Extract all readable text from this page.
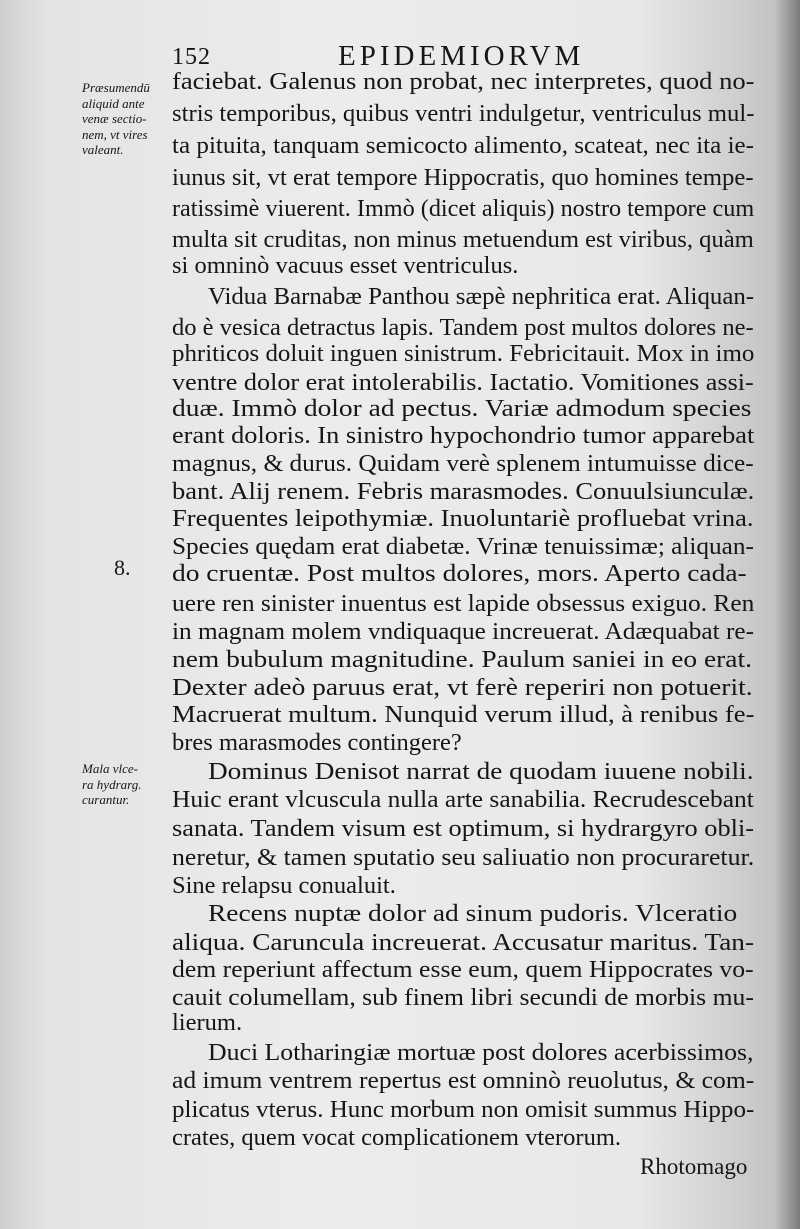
152	EPIDEMIORVM
Præsumendū
aliquid ante
venæ sectio-
nem, vt vires
valeant.
Mala vlce-
ra hydrarg.
curantur.
8.
faciebat. Galenus non probat, nec interpretes, quod no-
stris temporibus, quibus ventri indulgetur, ventriculus mul-
ta pituita, tanquam semicocto alimento, scateat, nec ita ie-
iunus sit, vt erat tempore Hippocratis, quo homines tempe-
ratissimè viuerent. Immò (dicet aliquis) nostro tempore cum
multa sit cruditas, non minus metuendum est viribus, quàm
si omninò vacuus esset ventriculus.
Vidua Barnabæ Panthou sæpè nephritica erat. Aliquan-
do è vesica detractus lapis. Tandem post multos dolores ne-
phriticos doluit inguen sinistrum. Febricitauit. Mox in imo
ventre dolor erat intolerabilis. Iactatio. Vomitiones assi-
duæ. Immò dolor ad pectus. Variæ admodum species
erant doloris. In sinistro hypochondrio tumor apparebat
magnus, & durus. Quidam verè splenem intumuisse dice-
bant. Alij renem. Febris marasmodes. Conuulsiunculæ.
Frequentes leipothymiæ. Inuoluntariè profluebat vrina.
Species quędam erat diabetæ. Vrinæ tenuissimæ; aliquan-
do cruentæ. Post multos dolores, mors. Aperto cada-
uere ren sinister inuentus est lapide obsessus exiguo. Ren
in magnam molem vndiquaque increuerat. Adæquabat re-
nem bubulum magnitudine. Paulum saniei in eo erat.
Dexter adeò paruus erat, vt ferè reperiri non potuerit.
Macruerat multum. Nunquid verum illud, à renibus fe-
bres marasmodes contingere?
Dominus Denisot narrat de quodam iuuene nobili.
Huic erant vlcuscula nulla arte sanabilia. Recrudescebant
sanata. Tandem visum est optimum, si hydrargyro obli-
neretur, & tamen sputatio seu saliuatio non procuraretur.
Sine relapsu conualuit.
Recens nuptæ dolor ad sinum pudoris. Vlceratio
aliqua. Caruncula increuerat. Accusatur maritus. Tan-
dem reperiunt affectum esse eum, quem Hippocrates vo-
cauit columellam, sub finem libri secundi de morbis mu-
lierum.
Duci Lotharingiæ mortuæ post dolores acerbissimos,
ad imum ventrem repertus est omninò reuolutus, & com-
plicatus vterus. Hunc morbum non omisit summus Hippo-
crates, quem vocat complicationem vterorum.
Rhotomago
